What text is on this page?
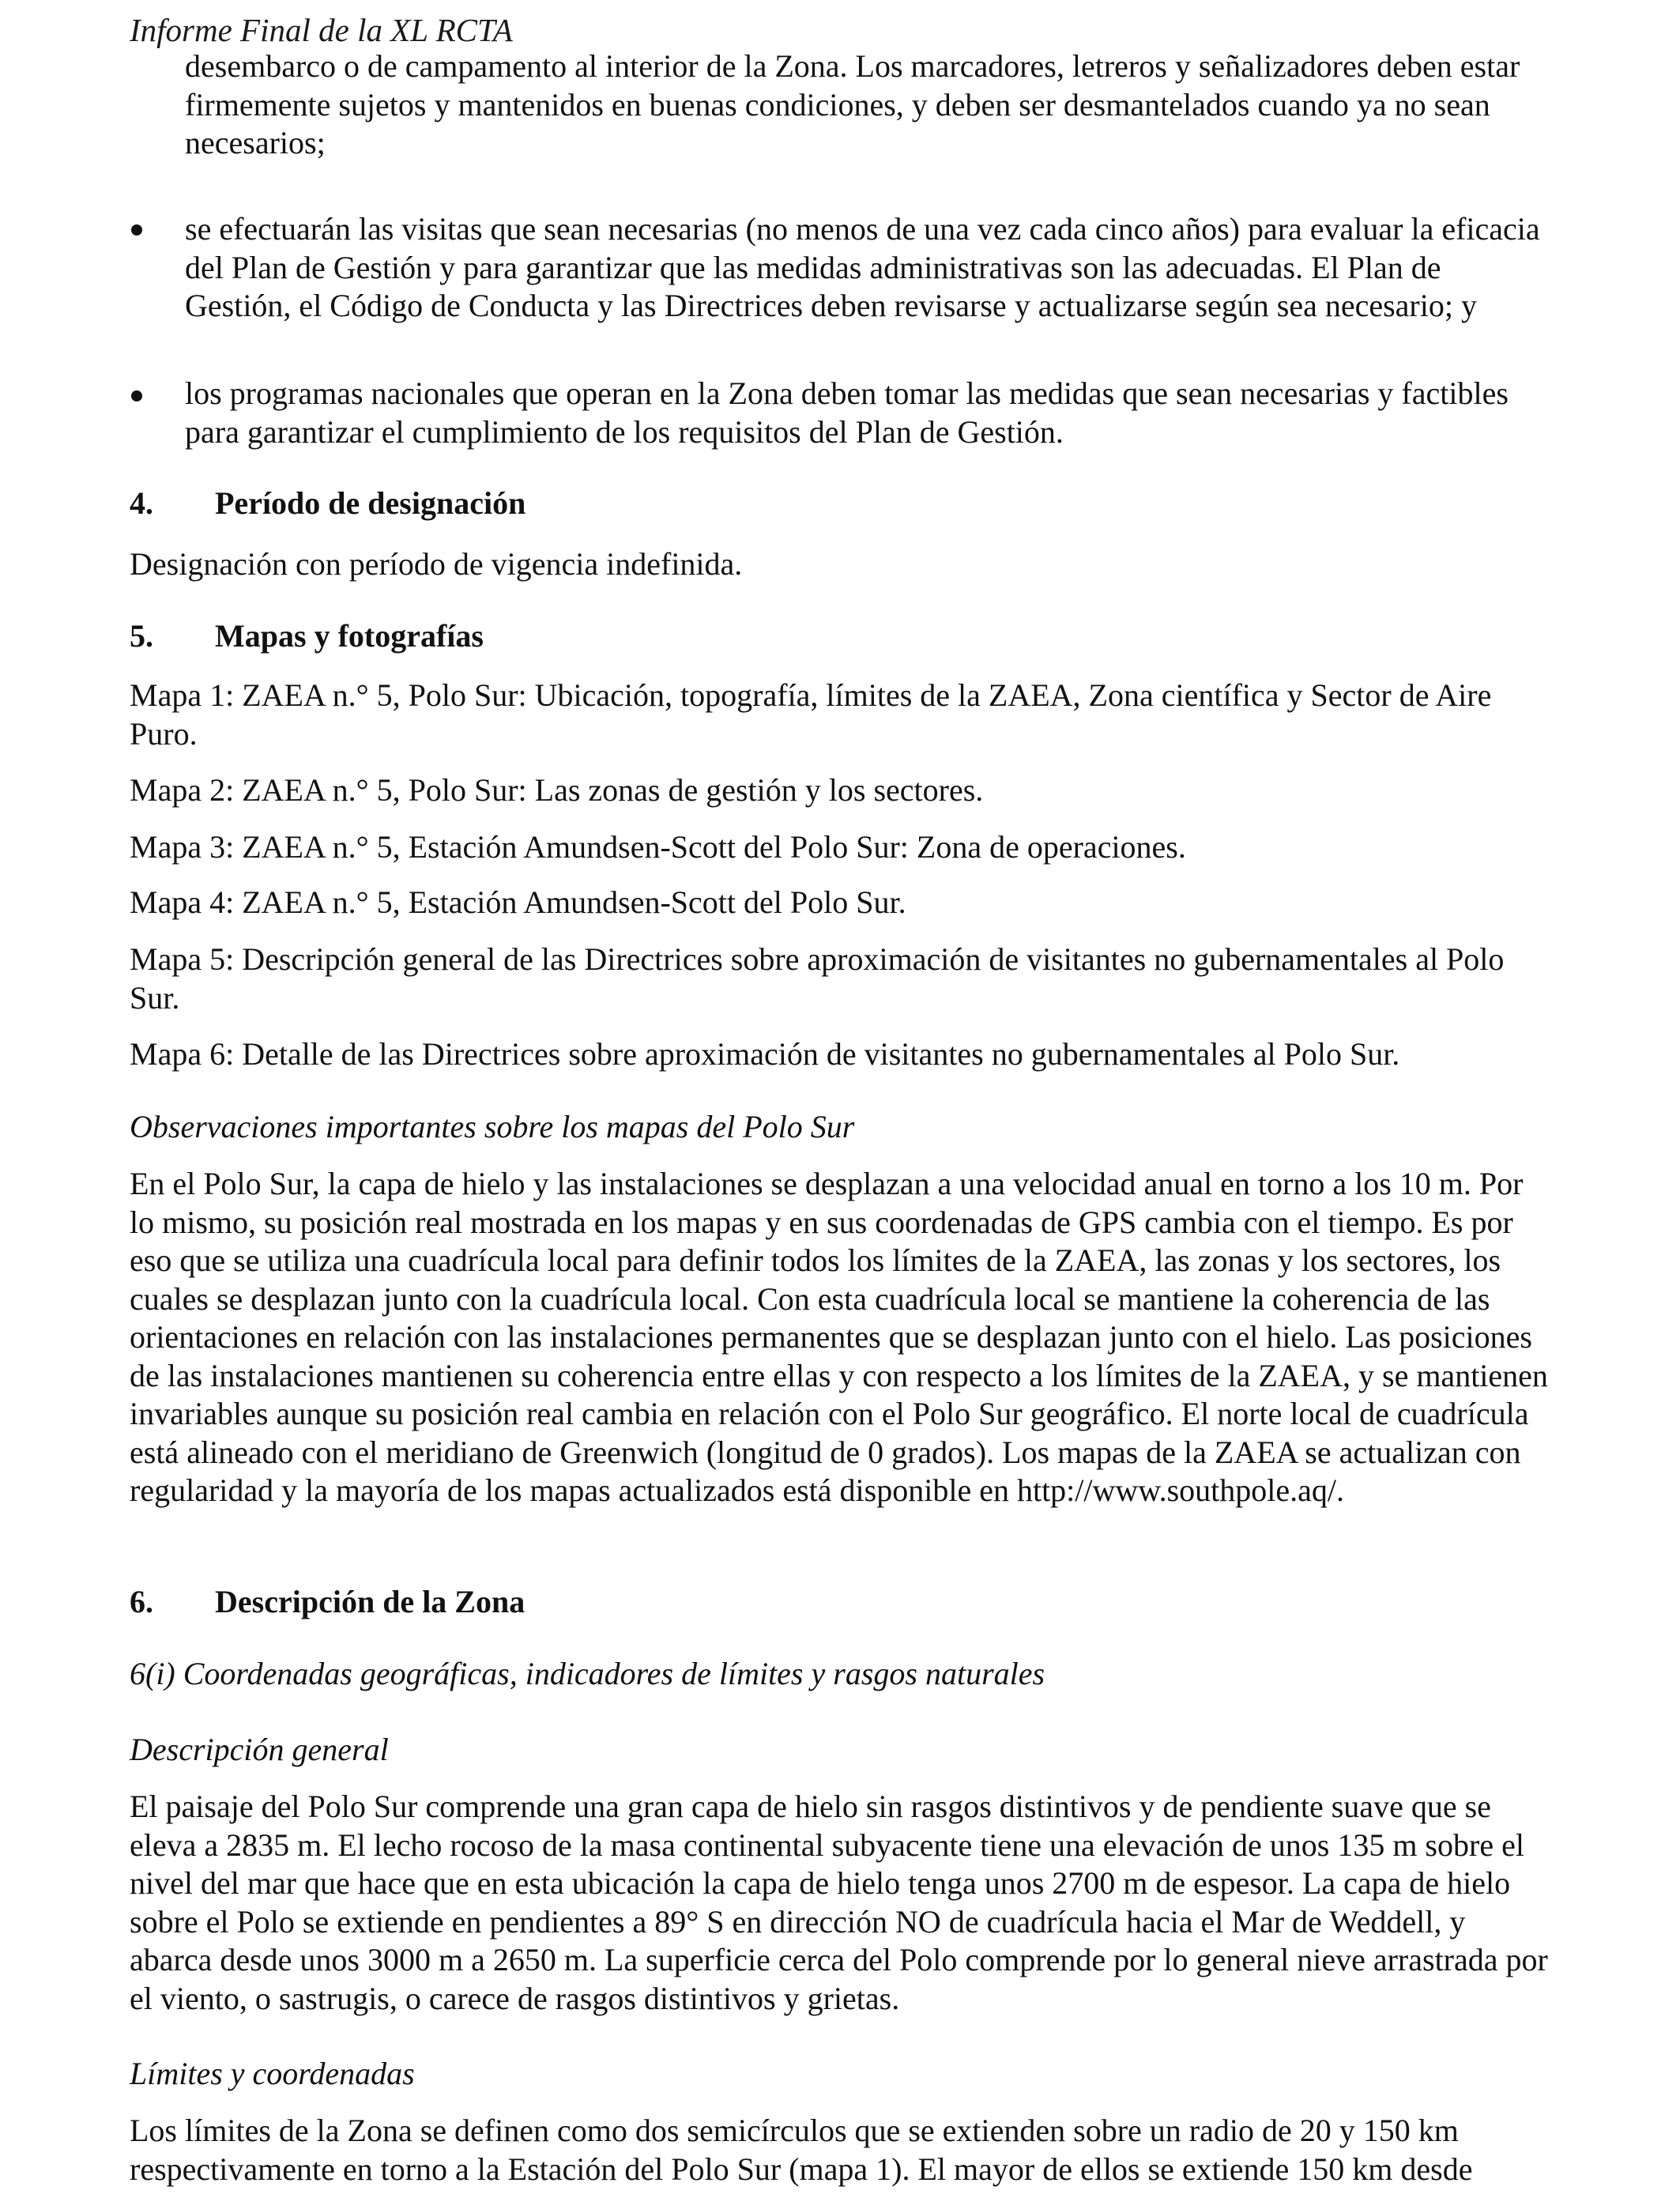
Informe Final de la XL RCTA
desembarco o de campamento al interior de la Zona. Los marcadores, letreros y señalizadores deben estar firmemente sujetos y mantenidos en buenas condiciones, y deben ser desmantelados cuando ya no sean necesarios;
se efectuarán las visitas que sean necesarias (no menos de una vez cada cinco años) para evaluar la eficacia del Plan de Gestión y para garantizar que las medidas administrativas son las adecuadas. El Plan de Gestión, el Código de Conducta y las Directrices deben revisarse y actualizarse según sea necesario; y
los programas nacionales que operan en la Zona deben tomar las medidas que sean necesarias y factibles para garantizar el cumplimiento de los requisitos del Plan de Gestión.
4. Período de designación
Designación con período de vigencia indefinida.
5. Mapas y fotografías
Mapa 1: ZAEA n.° 5, Polo Sur: Ubicación, topografía, límites de la ZAEA, Zona científica y Sector de Aire Puro.
Mapa 2: ZAEA n.° 5, Polo Sur: Las zonas de gestión y los sectores.
Mapa 3: ZAEA n.° 5, Estación Amundsen-Scott del Polo Sur: Zona de operaciones.
Mapa 4: ZAEA n.° 5, Estación Amundsen-Scott del Polo Sur.
Mapa 5: Descripción general de las Directrices sobre aproximación de visitantes no gubernamentales al Polo Sur.
Mapa 6: Detalle de las Directrices sobre aproximación de visitantes no gubernamentales al Polo Sur.
Observaciones importantes sobre los mapas del Polo Sur
En el Polo Sur, la capa de hielo y las instalaciones se desplazan a una velocidad anual en torno a los 10 m. Por lo mismo, su posición real mostrada en los mapas y en sus coordenadas de GPS cambia con el tiempo. Es por eso que se utiliza una cuadrícula local para definir todos los límites de la ZAEA, las zonas y los sectores, los cuales se desplazan junto con la cuadrícula local. Con esta cuadrícula local se mantiene la coherencia de las orientaciones en relación con las instalaciones permanentes que se desplazan junto con el hielo. Las posiciones de las instalaciones mantienen su coherencia entre ellas y con respecto a los límites de la ZAEA, y se mantienen invariables aunque su posición real cambia en relación con el Polo Sur geográfico. El norte local de cuadrícula está alineado con el meridiano de Greenwich (longitud de 0 grados). Los mapas de la ZAEA se actualizan con regularidad y la mayoría de los mapas actualizados está disponible en http://www.southpole.aq/.
6. Descripción de la Zona
6(i) Coordenadas geográficas, indicadores de límites y rasgos naturales
Descripción general
El paisaje del Polo Sur comprende una gran capa de hielo sin rasgos distintivos y de pendiente suave que se eleva a 2835 m. El lecho rocoso de la masa continental subyacente tiene una elevación de unos 135 m sobre el nivel del mar que hace que en esta ubicación la capa de hielo tenga unos 2700 m de espesor. La capa de hielo sobre el Polo se extiende en pendientes a 89° S en dirección NO de cuadrícula hacia el Mar de Weddell, y abarca desde unos 3000 m a 2650 m. La superficie cerca del Polo comprende por lo general nieve arrastrada por el viento, o sastrugis, o carece de rasgos distintivos y grietas.
Límites y coordenadas
Los límites de la Zona se definen como dos semicírculos que se extienden sobre un radio de 20 y 150 km respectivamente en torno a la Estación del Polo Sur (mapa 1). El mayor de ellos se extiende 150 km desde
